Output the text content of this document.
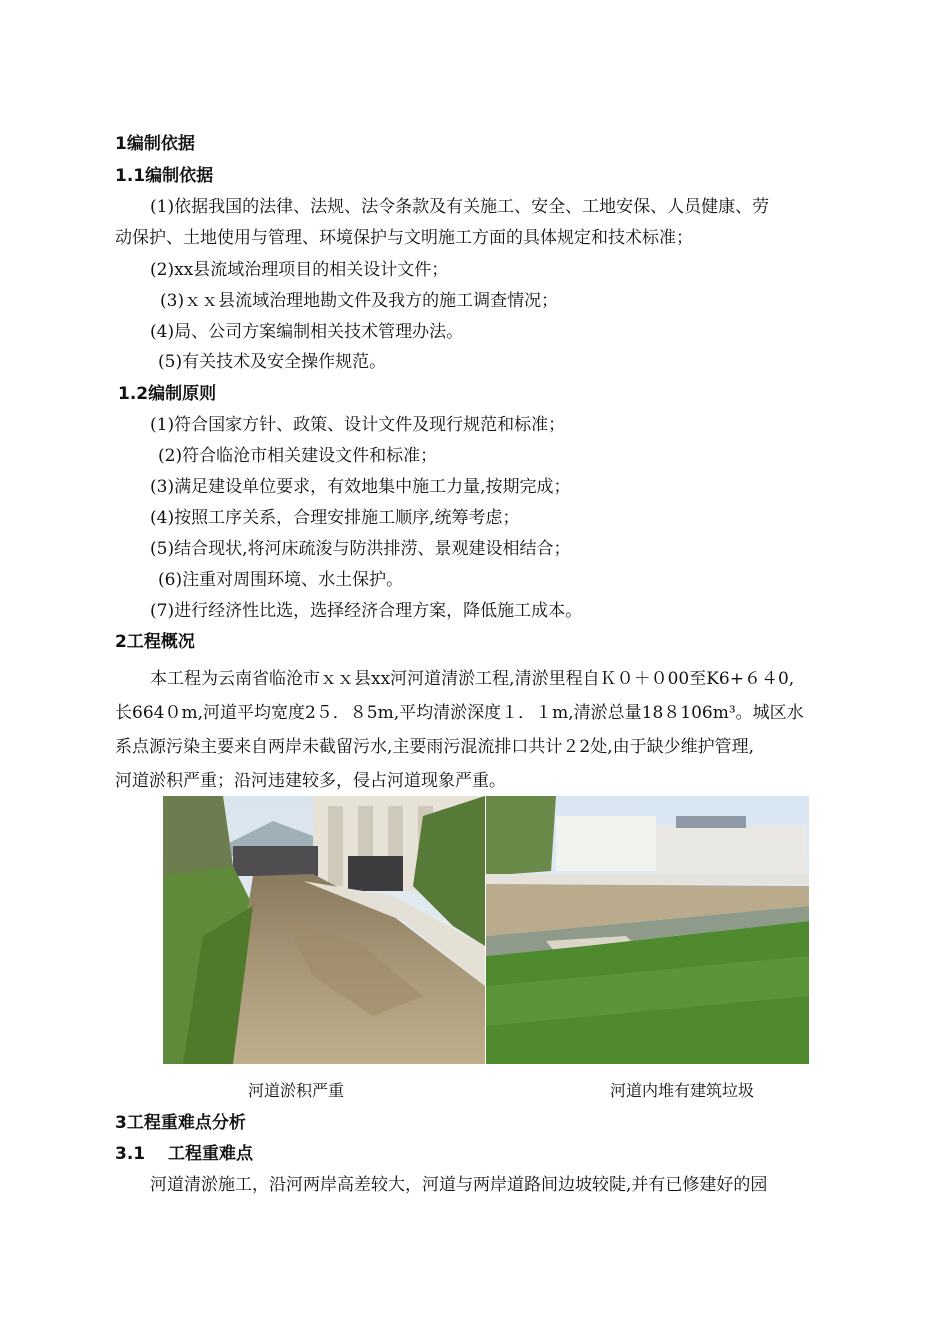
1编制依据
1.1编制依据
(1)依据我国的法律、法规、法令条款及有关施工、安全、工地安保、人员健康、劳
动保护、土地使用与管理、环境保护与文明施工方面的具体规定和技术标准；
(2)xx县流域治理项目的相关设计文件；
(3)ｘｘ县流域治理地勘文件及我方的施工调查情况；
(4)局、公司方案编制相关技术管理办法。
(5)有关技术及安全操作规范。
1.2编制原则
(1)符合国家方针、政策、设计文件及现行规范和标准；
(2)符合临沧市相关建设文件和标准；
(3)满足建设单位要求，有效地集中施工力量,按期完成；
(4)按照工序关系，合理安排施工顺序,统筹考虑；
(5)结合现状,将河床疏浚与防洪排涝、景观建设相结合；
(6)注重对周围环境、水土保护。
(7)进行经济性比选，选择经济合理方案，降低施工成本。
2工程概况
本工程为云南省临沧市ｘｘ县xx河河道清淤工程,清淤里程自Ｋ０＋０00至K6+６４0,
长664０m,河道平均宽度2５．８5m,平均清淤深度１．１m,清淤总量18８106m³。城区水
系点源污染主要来自两岸未截留污水,主要雨污混流排口共计２2处,由于缺少维护管理,
河道淤积严重；沿河违建较多，侵占河道现象严重。
河道淤积严重	河道内堆有建筑垃圾
3工程重难点分析
3.1　 工程重难点
河道清淤施工，沿河两岸高差较大，河道与两岸道路间边坡较陡,并有已修建好的园
